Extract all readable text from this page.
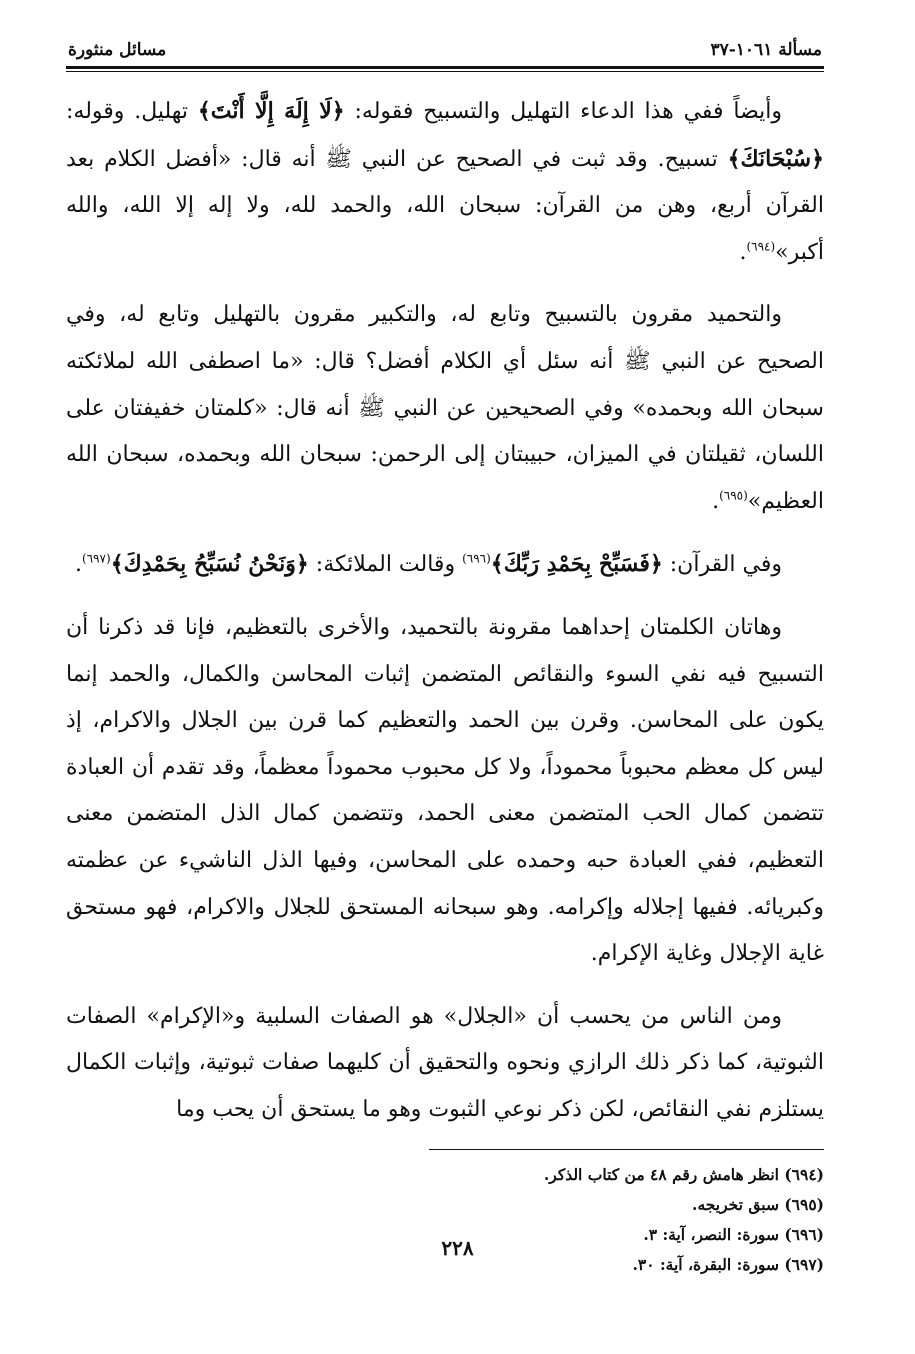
مسألة ١٠٦١-٣٧
مسائل منثورة

وأيضاً ففي هذا الدعاء التهليل والتسبيح فقوله: ﴿لَا إِلَهَ إِلَّا أَنْتَ﴾ تهليل. وقوله: ﴿سُبْحَانَكَ﴾ تسبيح. وقد ثبت في الصحيح عن النبي ﷺ أنه قال: «أفضل الكلام بعد القرآن أربع، وهن من القرآن: سبحان الله، والحمد لله، ولا إله إلا الله، والله أكبر»$^{(٦٩٤)}$.

والتحميد مقرون بالتسبيح وتابع له، والتكبير مقرون بالتهليل وتابع له، وفي الصحيح عن النبي ﷺ أنه سئل أي الكلام أفضل؟ قال: «ما اصطفى الله لملائكته سبحان الله وبحمده» وفي الصحيحين عن النبي ﷺ أنه قال: «كلمتان خفيفتان على اللسان، ثقيلتان في الميزان، حبيبتان إلى الرحمن: سبحان الله وبحمده، سبحان الله العظيم»$^{(٦٩٥)}$.

وفي القرآن: ﴿فَسَبِّحْ بِحَمْدِ رَبِّكَ﴾$^{(٦٩٦)}$ وقالت الملائكة: ﴿وَنَحْنُ نُسَبِّحُ بِحَمْدِكَ﴾$^{(٦٩٧)}$.

وهاتان الكلمتان إحداهما مقرونة بالتحميد، والأخرى بالتعظيم، فإنا قد ذكرنا أن التسبيح فيه نفي السوء والنقائص المتضمن إثبات المحاسن والكمال، والحمد إنما يكون على المحاسن. وقرن بين الحمد والتعظيم كما قرن بين الجلال والاكرام، إذ ليس كل معظم محبوباً محموداً، ولا كل محبوب محموداً معظماً، وقد تقدم أن العبادة تتضمن كمال الحب المتضمن معنى الحمد، وتتضمن كمال الذل المتضمن معنى التعظيم، ففي العبادة حبه وحمده على المحاسن، وفيها الذل الناشيء عن عظمته وكبريائه. ففيها إجلاله وإكرامه. وهو سبحانه المستحق للجلال والاكرام، فهو مستحق غاية الإجلال وغاية الإكرام.

ومن الناس من يحسب أن «الجلال» هو الصفات السلبية و«الإكرام» الصفات الثبوتية، كما ذكر ذلك الرازي ونحوه والتحقيق أن كليهما صفات ثبوتية، وإثبات الكمال يستلزم نفي النقائص، لكن ذكر نوعي الثبوت وهو ما يستحق أن يحب وما

(٦٩٤) انظر هامش رقم ٤٨ من كتاب الذكر.
(٦٩٥) سبق تخريجه.
(٦٩٦) سورة: النصر، آية: ٣.
(٦٩٧) سورة: البقرة، آية: ٣٠.
٢٢٨
